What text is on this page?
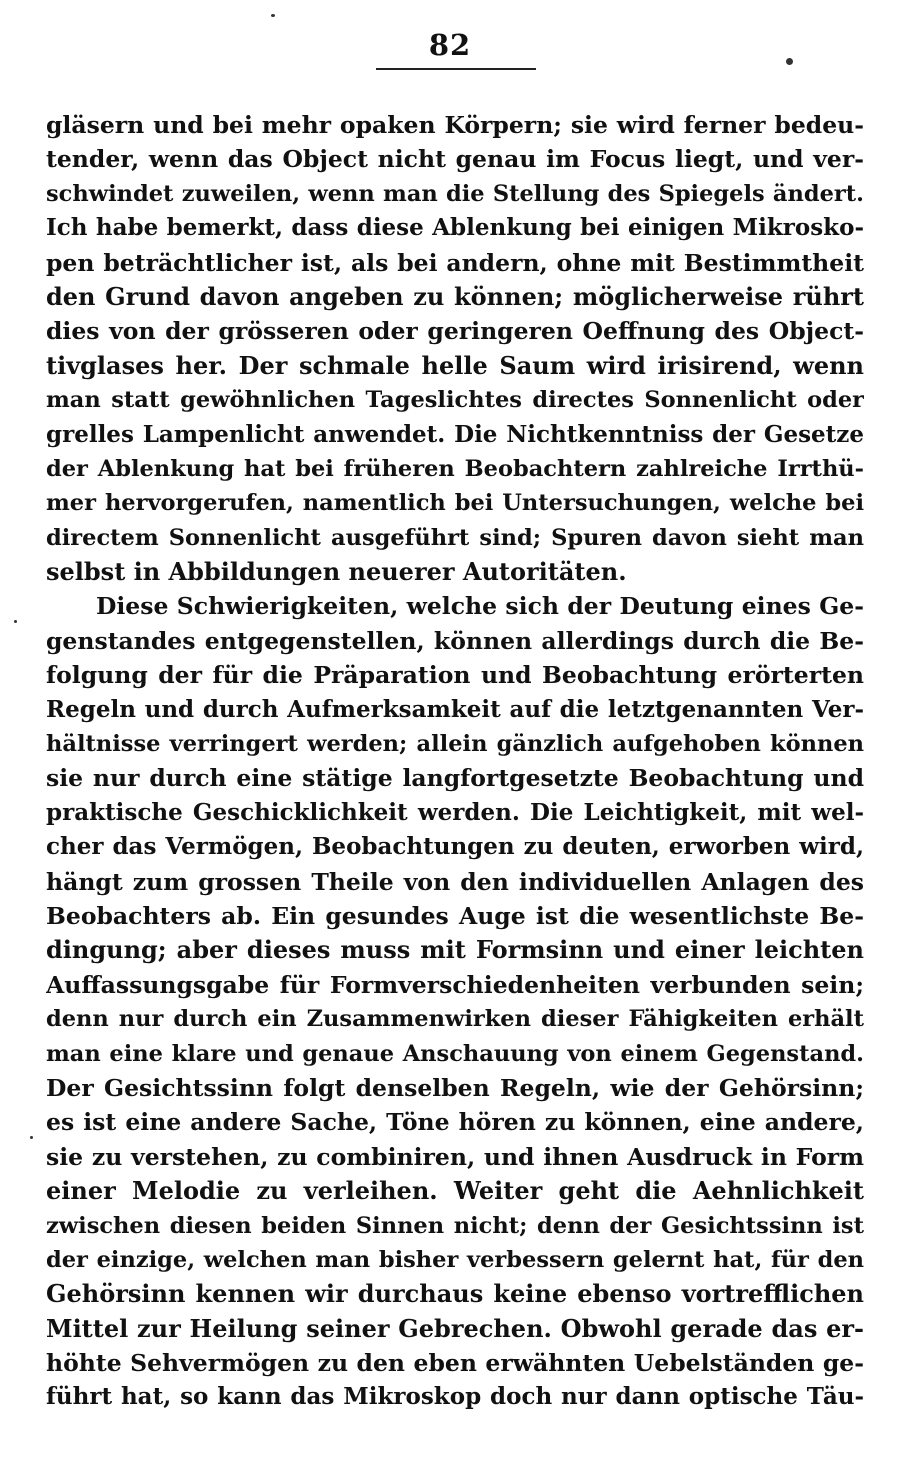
82
gläsern und bei mehr opaken Körpern; sie wird ferner bedeu-
tender, wenn das Object nicht genau im Focus liegt, und ver-
schwindet zuweilen, wenn man die Stellung des Spiegels ändert.
Ich habe bemerkt, dass diese Ablenkung bei einigen Mikrosko-
pen beträchtlicher ist, als bei andern, ohne mit Bestimmtheit
den Grund davon angeben zu können; möglicherweise rührt
dies von der grösseren oder geringeren Oeffnung des Object-
tivglases her. Der schmale helle Saum wird irisirend, wenn
man statt gewöhnlichen Tageslichtes directes Sonnenlicht oder
grelles Lampenlicht anwendet. Die Nichtkenntniss der Gesetze
der Ablenkung hat bei früheren Beobachtern zahlreiche Irrthü-
mer hervorgerufen, namentlich bei Untersuchungen, welche bei
directem Sonnenlicht ausgeführt sind; Spuren davon sieht man
selbst in Abbildungen neuerer Autoritäten.
Diese Schwierigkeiten, welche sich der Deutung eines Ge-
genstandes entgegenstellen, können allerdings durch die Be-
folgung der für die Präparation und Beobachtung erörterten
Regeln und durch Aufmerksamkeit auf die letztgenannten Ver-
hältnisse verringert werden; allein gänzlich aufgehoben können
sie nur durch eine stätige langfortgesetzte Beobachtung und
praktische Geschicklichkeit werden. Die Leichtigkeit, mit wel-
cher das Vermögen, Beobachtungen zu deuten, erworben wird,
hängt zum grossen Theile von den individuellen Anlagen des
Beobachters ab. Ein gesundes Auge ist die wesentlichste Be-
dingung; aber dieses muss mit Formsinn und einer leichten
Auffassungsgabe für Formverschiedenheiten verbunden sein;
denn nur durch ein Zusammenwirken dieser Fähigkeiten erhält
man eine klare und genaue Anschauung von einem Gegenstand.
Der Gesichtssinn folgt denselben Regeln, wie der Gehörsinn;
es ist eine andere Sache, Töne hören zu können, eine andere,
sie zu verstehen, zu combiniren, und ihnen Ausdruck in Form
einer Melodie zu verleihen. Weiter geht die Aehnlichkeit
zwischen diesen beiden Sinnen nicht; denn der Gesichtssinn ist
der einzige, welchen man bisher verbessern gelernt hat, für den
Gehörsinn kennen wir durchaus keine ebenso vortrefflichen
Mittel zur Heilung seiner Gebrechen. Obwohl gerade das er-
höhte Sehvermögen zu den eben erwähnten Uebelständen ge-
führt hat, so kann das Mikroskop doch nur dann optische Täu-
